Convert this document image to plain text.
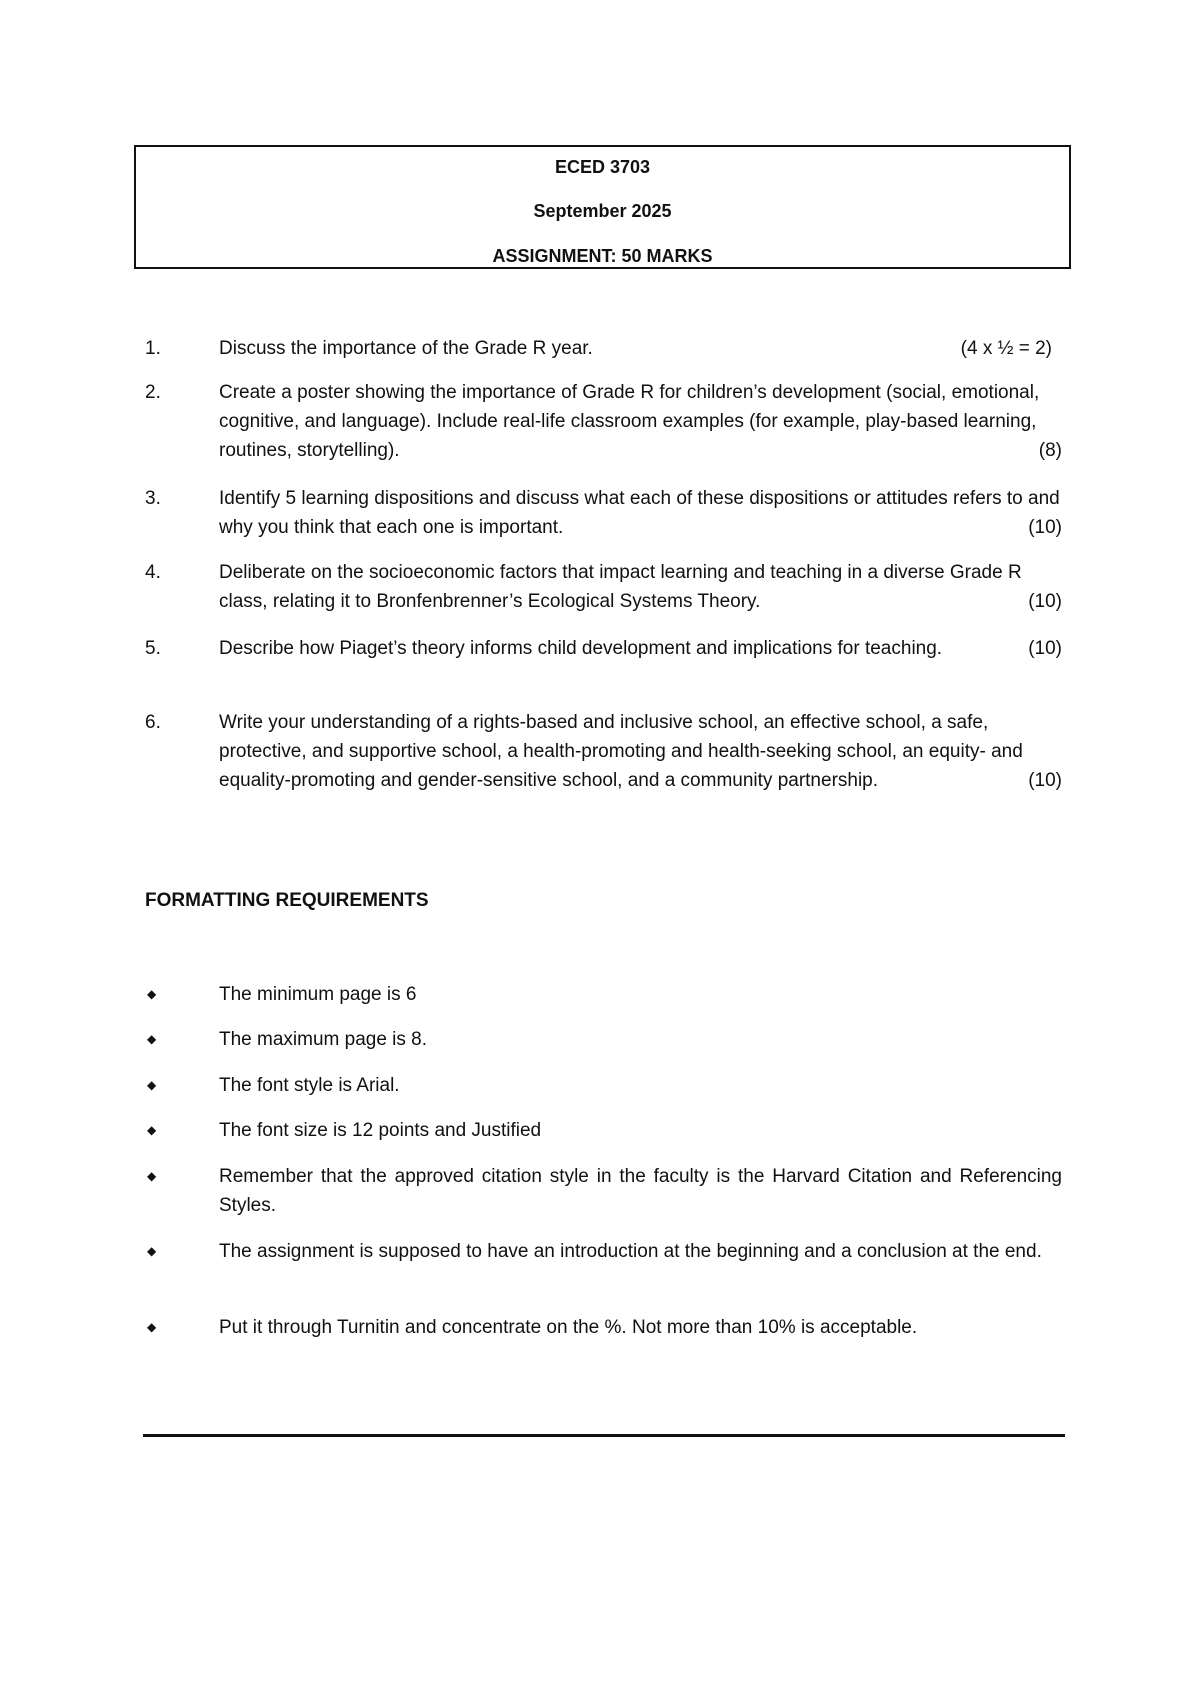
ECED 3703
September 2025
ASSIGNMENT: 50 MARKS
1.	Discuss the importance of the Grade R year.	(4 x ½ = 2)
2.	Create a poster showing the importance of Grade R for children’s development (social, emotional, cognitive, and language). Include real-life classroom examples (for example, play-based learning, routines, storytelling).	(8)
3.	Identify 5 learning dispositions and discuss what each of these dispositions or attitudes refers to and why you think that each one is important.	(10)
4.	Deliberate on the socioeconomic factors that impact learning and teaching in a diverse Grade R class, relating it to Bronfenbrenner’s Ecological Systems Theory.	(10)
5.	Describe how Piaget’s theory informs child development and implications for teaching.	(10)
6.	Write your understanding of a rights-based and inclusive school, an effective school, a safe, protective, and supportive school, a health-promoting and health-seeking school, an equity- and equality-promoting and gender-sensitive school, and a community partnership.	(10)
FORMATTING REQUIREMENTS
◆	The minimum page is 6
◆	The maximum page is 8.
◆	The font style is Arial.
◆	The font size is 12 points and Justified
◆	Remember that the approved citation style in the faculty is the Harvard Citation and Referencing Styles.
◆	The assignment is supposed to have an introduction at the beginning and a conclusion at the end.
◆	Put it through Turnitin and concentrate on the %. Not more than 10% is acceptable.
